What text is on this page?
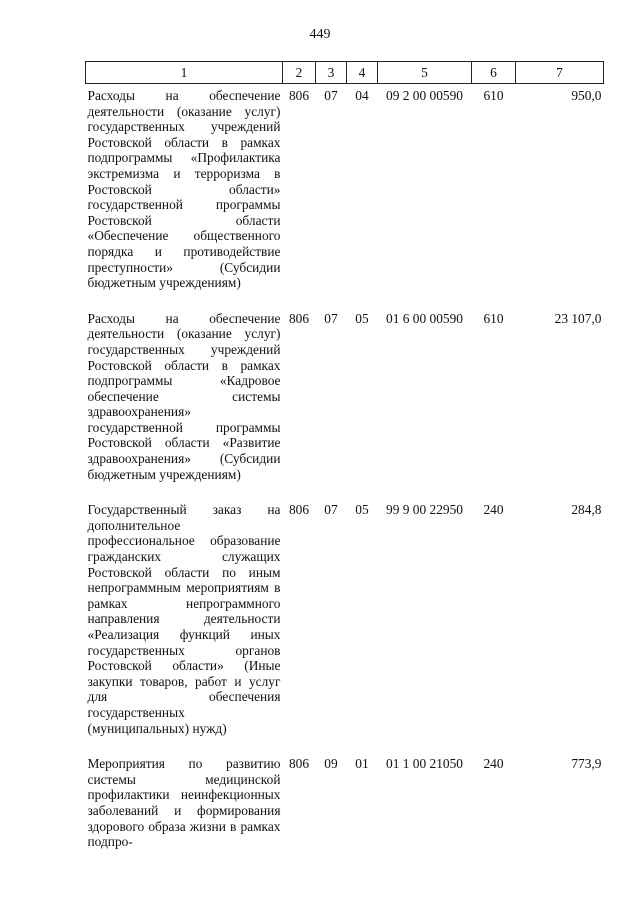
449
1	2	3	4	5	6	7
Расходы на обеспечение деятельности (оказание услуг) государственных учреждений Ростовской области в рамках подпрограммы «Профилактика экстремизма и терроризма в Ростовской области» государственной программы Ростовской области «Обеспечение общественного порядка и противодействие преступности» (Субсидии бюджетным учреждениям)	806	07	04	09 2 00 00590	610	950,0
Расходы на обеспечение деятельности (оказание услуг) государственных учреждений Ростовской области в рамках подпрограммы «Кадровое обеспечение системы здравоохранения» государственной программы Ростовской области «Развитие здравоохранения» (Субсидии бюджетным учреждениям)	806	07	05	01 6 00 00590	610	23 107,0
Государственный заказ на дополнительное профессиональное образование гражданских служащих Ростовской области по иным непрограммным мероприятиям в рамках непрограммного направления деятельности «Реализация функций иных государственных органов Ростовской области» (Иные закупки товаров, работ и услуг для обеспечения государственных (муниципальных) нужд)	806	07	05	99 9 00 22950	240	284,8
Мероприятия по развитию системы медицинской профилактики неинфекционных заболеваний и формирования здорового образа жизни в рамках подпро-	806	09	01	01 1 00 21050	240	773,9
